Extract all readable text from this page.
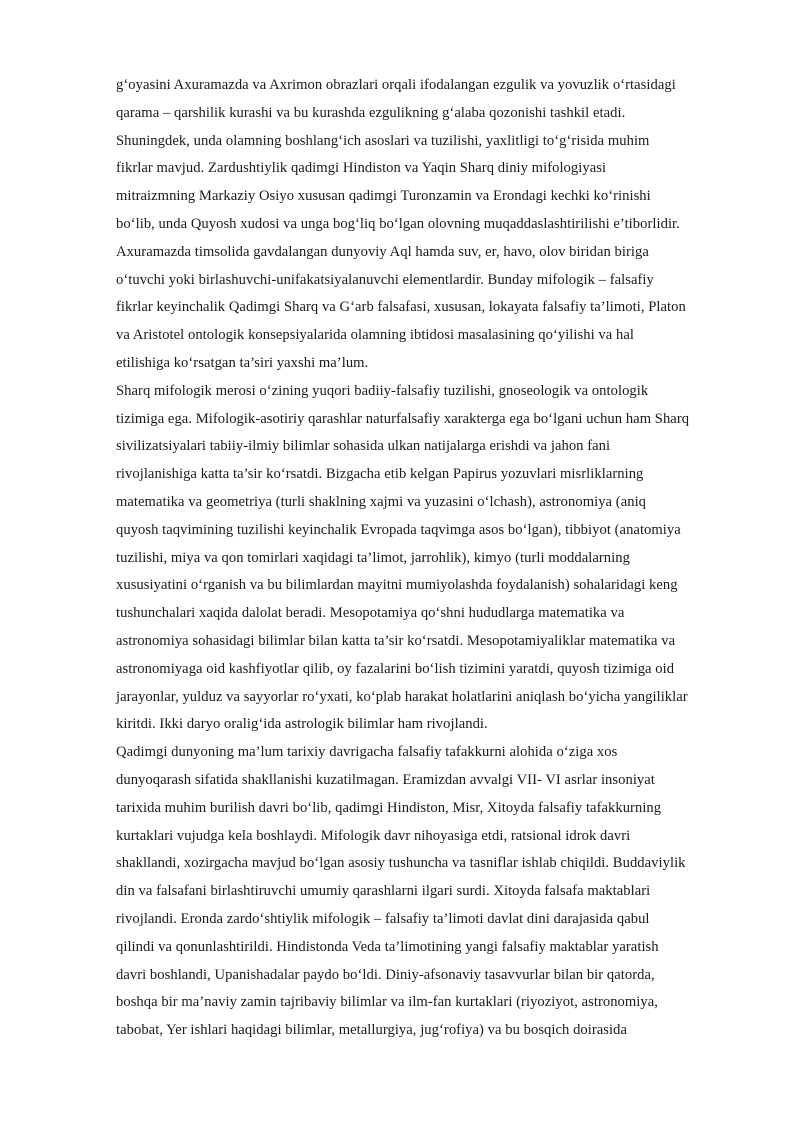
g‘oyasini Axuramazda va Axrimon obrazlari orqali ifodalangan ezgulik va yovuzlik o‘rtasidagi
qarama – qarshilik kurashi va bu kurashda ezgulikning g‘alaba qozonishi tashkil etadi.
Shuningdek, unda olamning boshlang‘ich asoslari va tuzilishi, yaxlitligi to‘g‘risida muhim
fikrlar mavjud. Zardushtiylik qadimgi Hindiston va Yaqin Sharq diniy mifologiyasi
mitraizmning Markaziy Osiyo xususan qadimgi Turonzamin va Erondagi kechki ko‘rinishi
bo‘lib, unda Quyosh xudosi va unga bog‘liq bo‘lgan olovning muqaddaslashtirilishi e’tiborlidir.
Axuramazda timsolida gavdalangan dunyoviy Aql hamda suv, er, havo, olov biridan biriga
o‘tuvchi yoki birlashuvchi-unifakatsiyalanuvchi elementlardir. Bunday mifologik – falsafiy
fikrlar keyinchalik Qadimgi Sharq va G‘arb falsafasi, xususan, lokayata falsafiy ta’limoti, Platon
va Aristotel ontologik konsepsiyalarida olamning ibtidosi masalasining qo‘yilishi va hal
etilishiga ko‘rsatgan ta’siri yaxshi ma’lum.
Sharq mifologik merosi o‘zining yuqori badiiy-falsafiy tuzilishi, gnoseologik va ontologik
tizimiga ega. Mifologik-asotiriy qarashlar naturfalsafiy xarakterga ega bo‘lgani uchun ham Sharq
sivilizatsiyalari tabiiy-ilmiy bilimlar sohasida ulkan natijalarga erishdi va jahon fani
rivojlanishiga katta ta’sir ko‘rsatdi. Bizgacha etib kelgan Papirus yozuvlari misrliklarning
matematika va geometriya (turli shaklning xajmi va yuzasini o‘lchash), astronomiya (aniq
quyosh taqvimining tuzilishi keyinchalik Evropada taqvimga asos bo‘lgan), tibbiyot (anatomiya
tuzilishi, miya va qon tomirlari xaqidagi ta’limot, jarrohlik), kimyo (turli moddalarning
xususiyatini o‘rganish va bu bilimlardan mayitni mumiyolashda foydalanish) sohalaridagi keng
tushunchalari xaqida dalolat beradi. Mesopotamiya qo‘shni hududlarga matematika va
astronomiya sohasidagi bilimlar bilan katta ta’sir ko‘rsatdi. Mesopotamiyaliklar matematika va
astronomiyaga oid kashfiyotlar qilib, oy fazalarini bo‘lish tizimini yaratdi, quyosh tizimiga oid
jarayonlar, yulduz va sayyorlar ro‘yxati, ko‘plab harakat holatlarini aniqlash bo‘yicha yangiliklar
kiritdi. Ikki daryo oralig‘ida astrologik bilimlar ham rivojlandi.
Qadimgi dunyoning ma’lum tarixiy davrigacha falsafiy tafakkurni alohida o‘ziga xos
dunyoqarash sifatida shakllanishi kuzatilmagan. Eramizdan avvalgi VII- VI asrlar insoniyat
tarixida muhim burilish davri bo‘lib, qadimgi Hindiston, Misr, Xitoyda falsafiy tafakkurning
kurtaklari vujudga kela boshlaydi. Mifologik davr nihoyasiga etdi, ratsional idrok davri
shakllandi, xozirgacha mavjud bo‘lgan asosiy tushuncha va tasniflar ishlab chiqildi. Buddaviylik
din va falsafani birlashtiruvchi umumiy qarashlarni ilgari surdi. Xitoyda falsafa maktablari
rivojlandi. Eronda zardo‘shtiylik mifologik – falsafiy ta’limoti davlat dini darajasida qabul
qilindi va qonunlashtirildi. Hindistonda Veda ta’limotining yangi falsafiy maktablar yaratish
davri boshlandi, Upanishadalar paydo bo‘ldi. Diniy-afsonaviy tasavvurlar bilan bir qatorda,
boshqa bir ma’naviy zamin tajribaviy bilimlar va ilm-fan kurtaklari (riyoziyot, astronomiya,
tabobat, Yer ishlari haqidagi bilimlar, metallurgiya, jug‘rofiya) va bu bosqich doirasida
